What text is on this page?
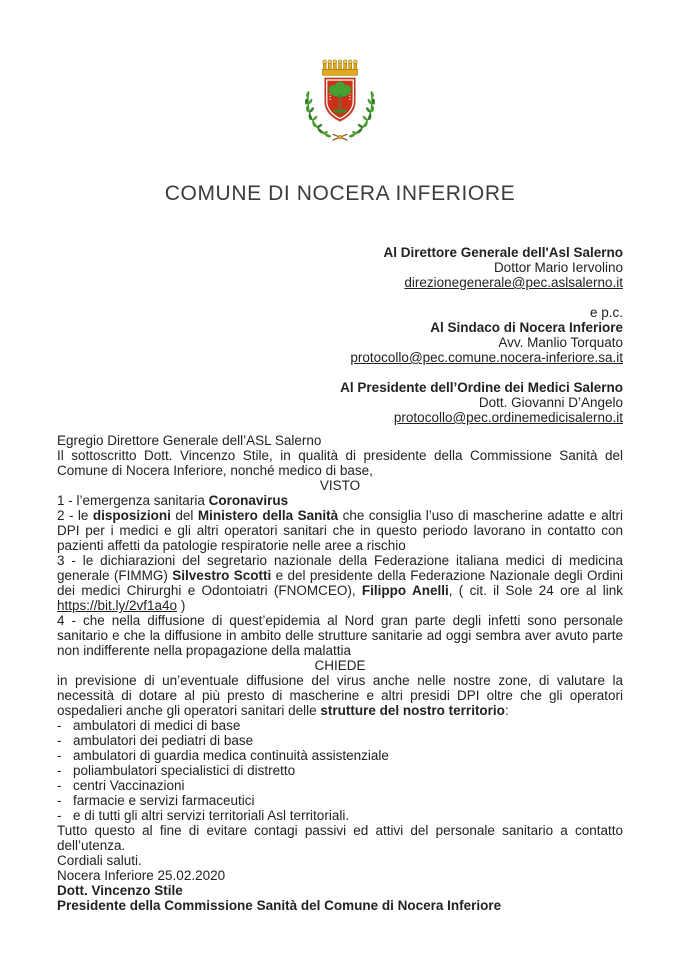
COMUNE DI NOCERA INFERIORE
Al Direttore Generale dell'Asl Salerno
Dottor Mario Iervolino
direzionegenerale@pec.aslsalerno.it
e p.c.
Al Sindaco di Nocera Inferiore
Avv. Manlio Torquato
protocollo@pec.comune.nocera-inferiore.sa.it
Al Presidente dell’Ordine dei Medici Salerno
Dott. Giovanni D’Angelo
protocollo@pec.ordinemedicisalerno.it

Egregio Direttore Generale dell’ASL Salerno

Il sottoscritto Dott. Vincenzo Stile, in qualità di presidente della Commissione Sanità del Comune di Nocera Inferiore, nonché medico di base,

VISTO

1 - l’emergenza sanitaria Coronavirus

2 - le disposizioni del Ministero della Sanità che consiglia l’uso di mascherine adatte e altri DPI per i medici e gli altri operatori sanitari che in questo periodo lavorano in contatto con pazienti affetti da patologie respiratorie nelle aree a rischio

3 - le dichiarazioni del segretario nazionale della Federazione italiana medici di medicina generale (FIMMG) Silvestro Scotti e del presidente della Federazione Nazionale degli Ordini dei medici Chirurghi e Odontoiatri (FNOMCEO), Filippo Anelli, ( cit. il Sole 24 ore al link https://bit.ly/2vf1a4o )

4 - che nella diffusione di quest’epidemia al Nord gran parte degli infetti sono personale sanitario e che la diffusione in ambito delle strutture sanitarie ad oggi sembra aver avuto parte non indifferente nella propagazione della malattia

CHIEDE

in previsione di un’eventuale diffusione del virus anche nelle nostre zone, di valutare la necessità di dotare al più presto di mascherine e altri presidi DPI oltre che gli operatori ospedalieri anche gli operatori sanitari delle strutture del nostro territorio:

- ambulatori di medici di base
- ambulatori dei pediatri di base
- ambulatori di guardia medica continuità assistenziale
- poliambulatori specialistici di distretto
- centri Vaccinazioni
- farmacie e servizi farmaceutici
- e di tutti gli altri servizi territoriali Asl territoriali.

Tutto questo al fine di evitare contagi passivi ed attivi del personale sanitario a contatto dell’utenza.

Cordiali saluti.

Nocera Inferiore 25.02.2020

Dott. Vincenzo Stile

Presidente della Commissione Sanità del Comune di Nocera Inferiore
